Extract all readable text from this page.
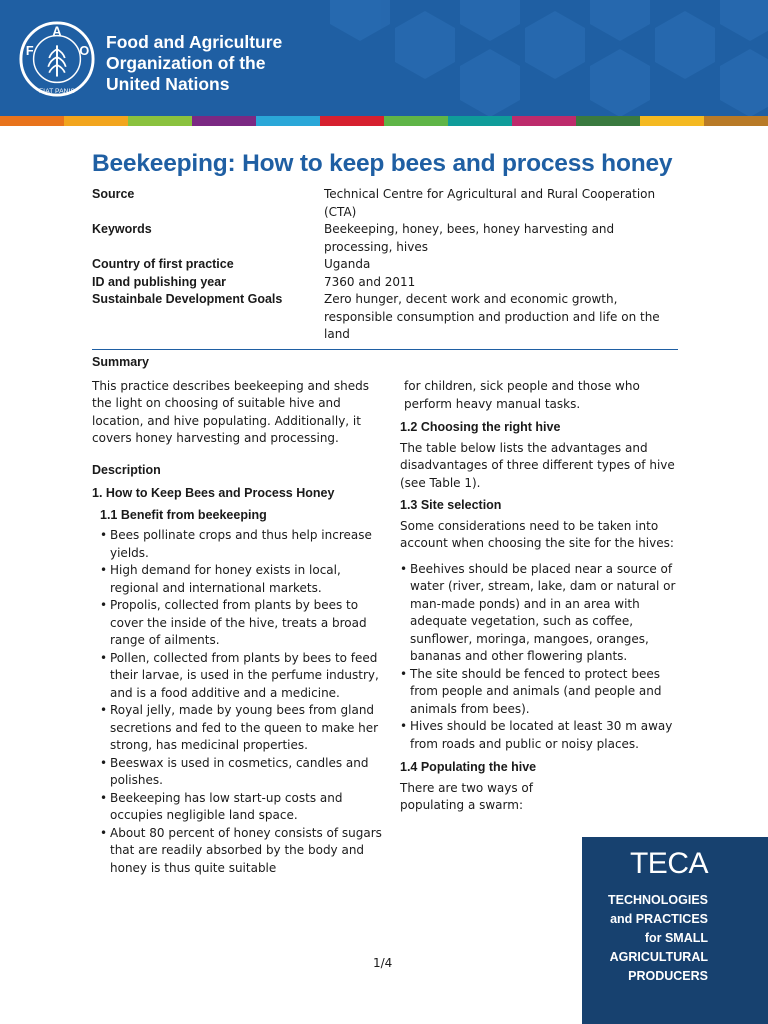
A
F	O
FIAT PANIS
Food and Agriculture
Organization of the
United Nations
Beekeeping: How to keep bees and process honey
Source	Technical Centre for Agricultural and Rural Cooperation (CTA)
Keywords	Beekeeping, honey, bees, honey harvesting and processing, hives
Country of first practice	Uganda
ID and publishing year	7360 and 2011
Sustainbale Development Goals	Zero hunger, decent work and economic growth, responsible consumption and production and life on the land
Summary

This practice describes beekeeping and sheds the light on choosing of suitable hive and location, and hive populating. Additionally, it covers honey harvesting and processing.

Description
1. How to Keep Bees and Process Honey
1.1 Benefit from beekeeping
• Bees pollinate crops and thus help increase yields.
• High demand for honey exists in local, regional and international markets.
• Propolis, collected from plants by bees to cover the inside of the hive, treats a broad range of ailments.
• Pollen, collected from plants by bees to feed their larvae, is used in the perfume industry, and is a food additive and a medicine.
• Royal jelly, made by young bees from gland secretions and fed to the queen to make her strong, has medicinal properties.
• Beeswax is used in cosmetics, candles and polishes.
• Beekeeping has low start-up costs and occupies negligible land space.
• About 80 percent of honey consists of sugars that are readily absorbed by the body and honey is thus quite suitable

for children, sick people and those who perform heavy manual tasks.

1.2 Choosing the right hive

The table below lists the advantages and disadvantages of three different types of hive (see Table 1).

1.3 Site selection

Some considerations need to be taken into account when choosing the site for the hives:

• Beehives should be placed near a source of water (river, stream, lake, dam or natural or man-made ponds) and in an area with adequate vegetation, such as coffee, sunflower, moringa, mangoes, oranges, bananas and other flowering plants.
• The site should be fenced to protect bees from people and animals (and people and animals from bees).
• Hives should be located at least 30 m away from roads and public or noisy places.
1.4 Populating the hive

There are two ways of populating a swarm:

1/4
TECA
TECHNOLOGIES
and PRACTICES
for SMALL
AGRICULTURAL
PRODUCERS
